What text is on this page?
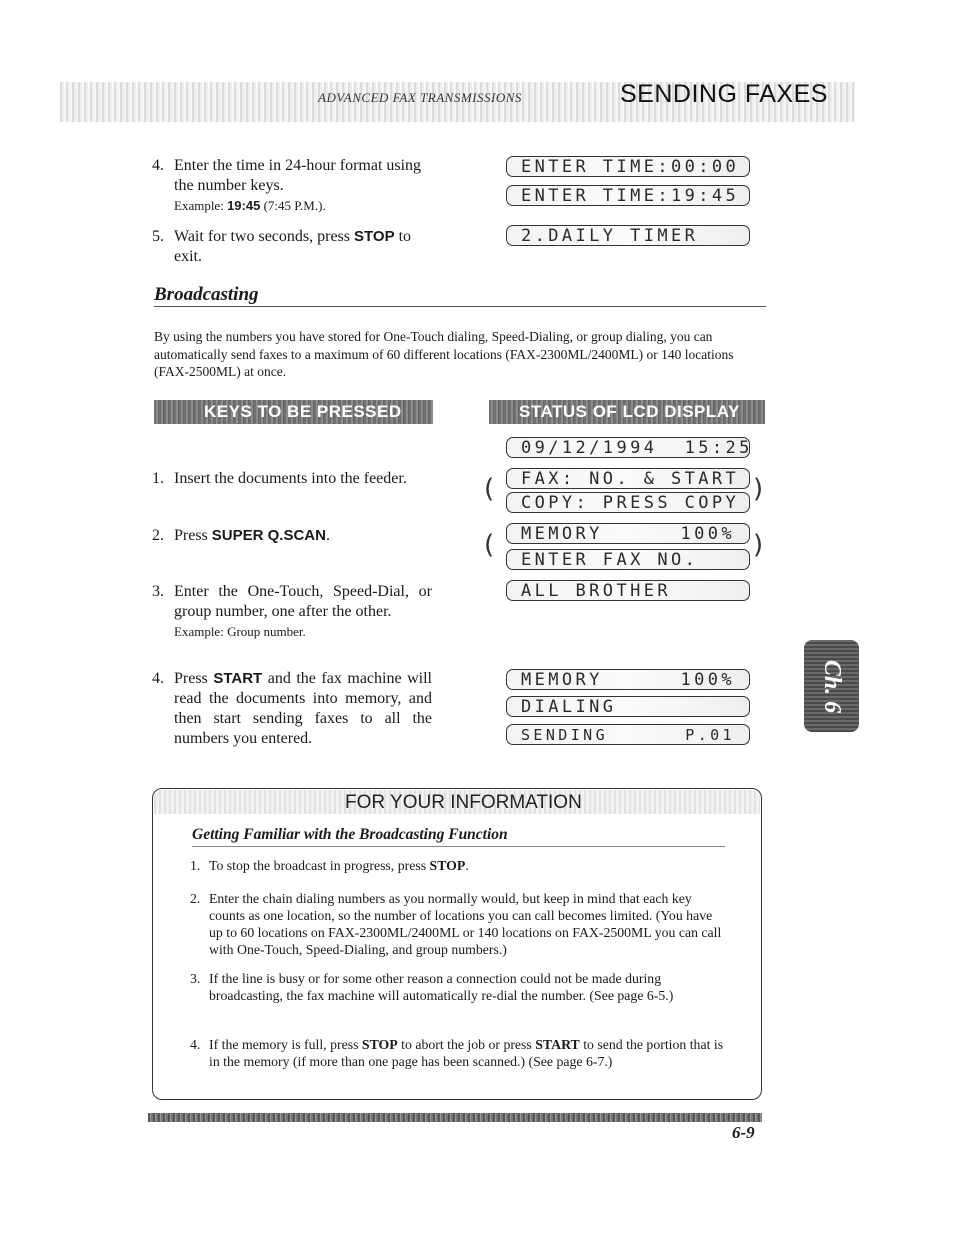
ADVANCED FAX TRANSMISSIONS	SENDING FAXES
4. Enter the time in 24-hour format using the number keys.
Example: 19:45 (7:45 P.M.).
5. Wait for two seconds, press STOP to exit.
ENTER TIME:00:00
ENTER TIME:19:45
2.DAILY TIMER
Broadcasting
By using the numbers you have stored for One-Touch dialing, Speed-Dialing, or group dialing, you can automatically send faxes to a maximum of 60 different locations (FAX-2300ML/2400ML) or 140 locations (FAX-2500ML) at once.
KEYS TO BE PRESSED	STATUS OF LCD DISPLAY
1. Insert the documents into the feeder.
2. Press SUPER Q.SCAN.
3. Enter the One-Touch, Speed-Dial, or group number, one after the other.
Example: Group number.
4. Press START and the fax machine will read the documents into memory, and then start sending faxes to all the numbers you entered.
09/12/1994  15:25
(	)
FAX: NO. & START
COPY: PRESS COPY
(	)
MEMORY	100%
ENTER FAX NO.
ALL BROTHER
MEMORY	100%
DIALING
SENDING	P.01
Ch. 6
FOR YOUR INFORMATION
Getting Familiar with the Broadcasting Function
1. To stop the broadcast in progress, press STOP.
2. Enter the chain dialing numbers as you normally would, but keep in mind that each key counts as one location, so the number of locations you can call becomes limited. (You have up to 60 locations on FAX-2300ML/2400ML or 140 locations on FAX-2500ML you can call with One-Touch, Speed-Dialing, and group numbers.)
3. If the line is busy or for some other reason a connection could not be made during broadcasting, the fax machine will automatically re-dial the number. (See page 6-5.)
4. If the memory is full, press STOP to abort the job or press START to send the portion that is in the memory (if more than one page has been scanned.) (See page 6-7.)
6-9
